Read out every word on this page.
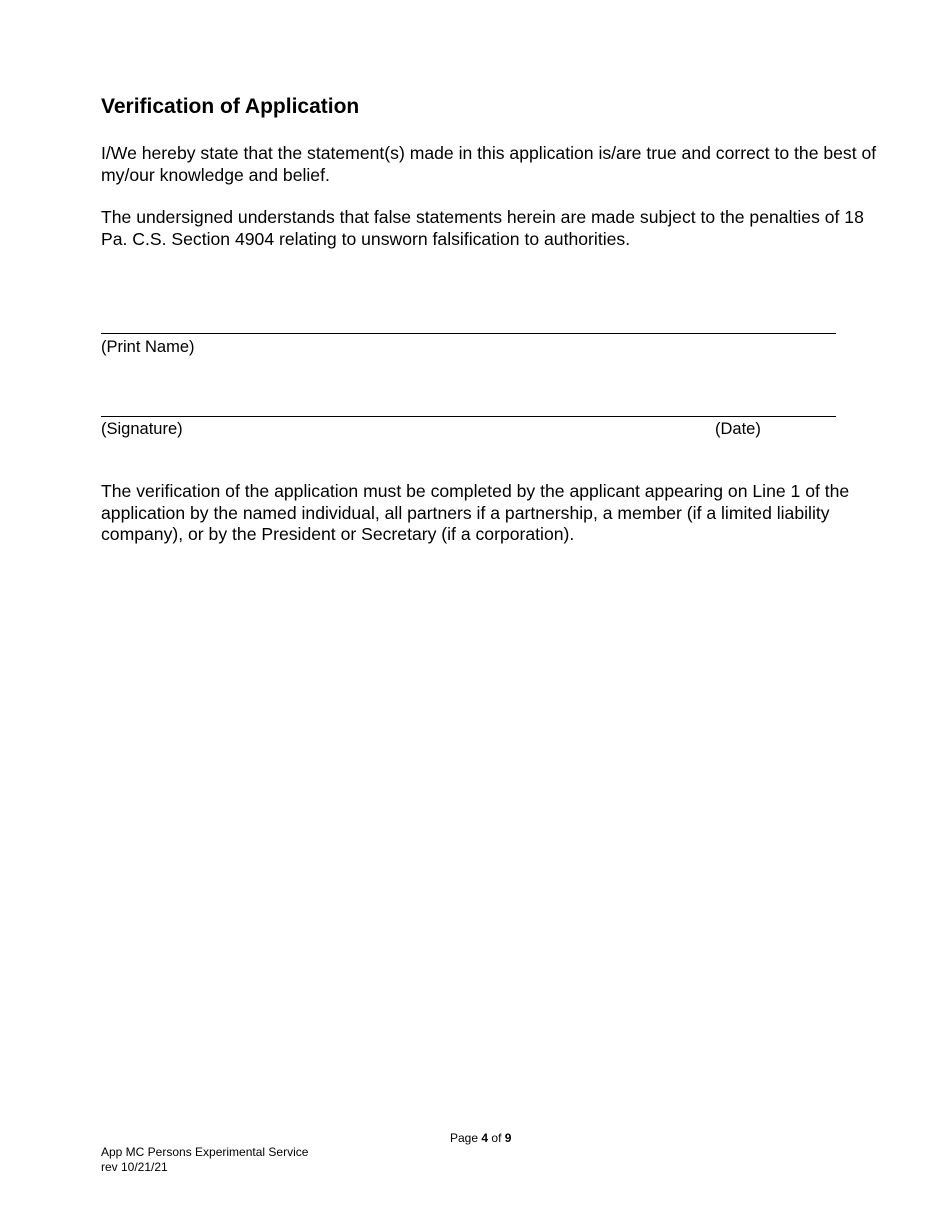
Verification of Application

I/We hereby state that the statement(s) made in this application is/are true and correct to the best of my/our knowledge and belief.

The undersigned understands that false statements herein are made subject to the penalties of 18 Pa. C.S. Section 4904 relating to unsworn falsification to authorities.

(Print Name)
(Signature)	(Date)

The verification of the application must be completed by the applicant appearing on Line 1 of the application by the named individual, all partners if a partnership, a member (if a limited liability company), or by the President or Secretary (if a corporation).

Page 4 of 9
App MC Persons Experimental Service
rev 10/21/21
